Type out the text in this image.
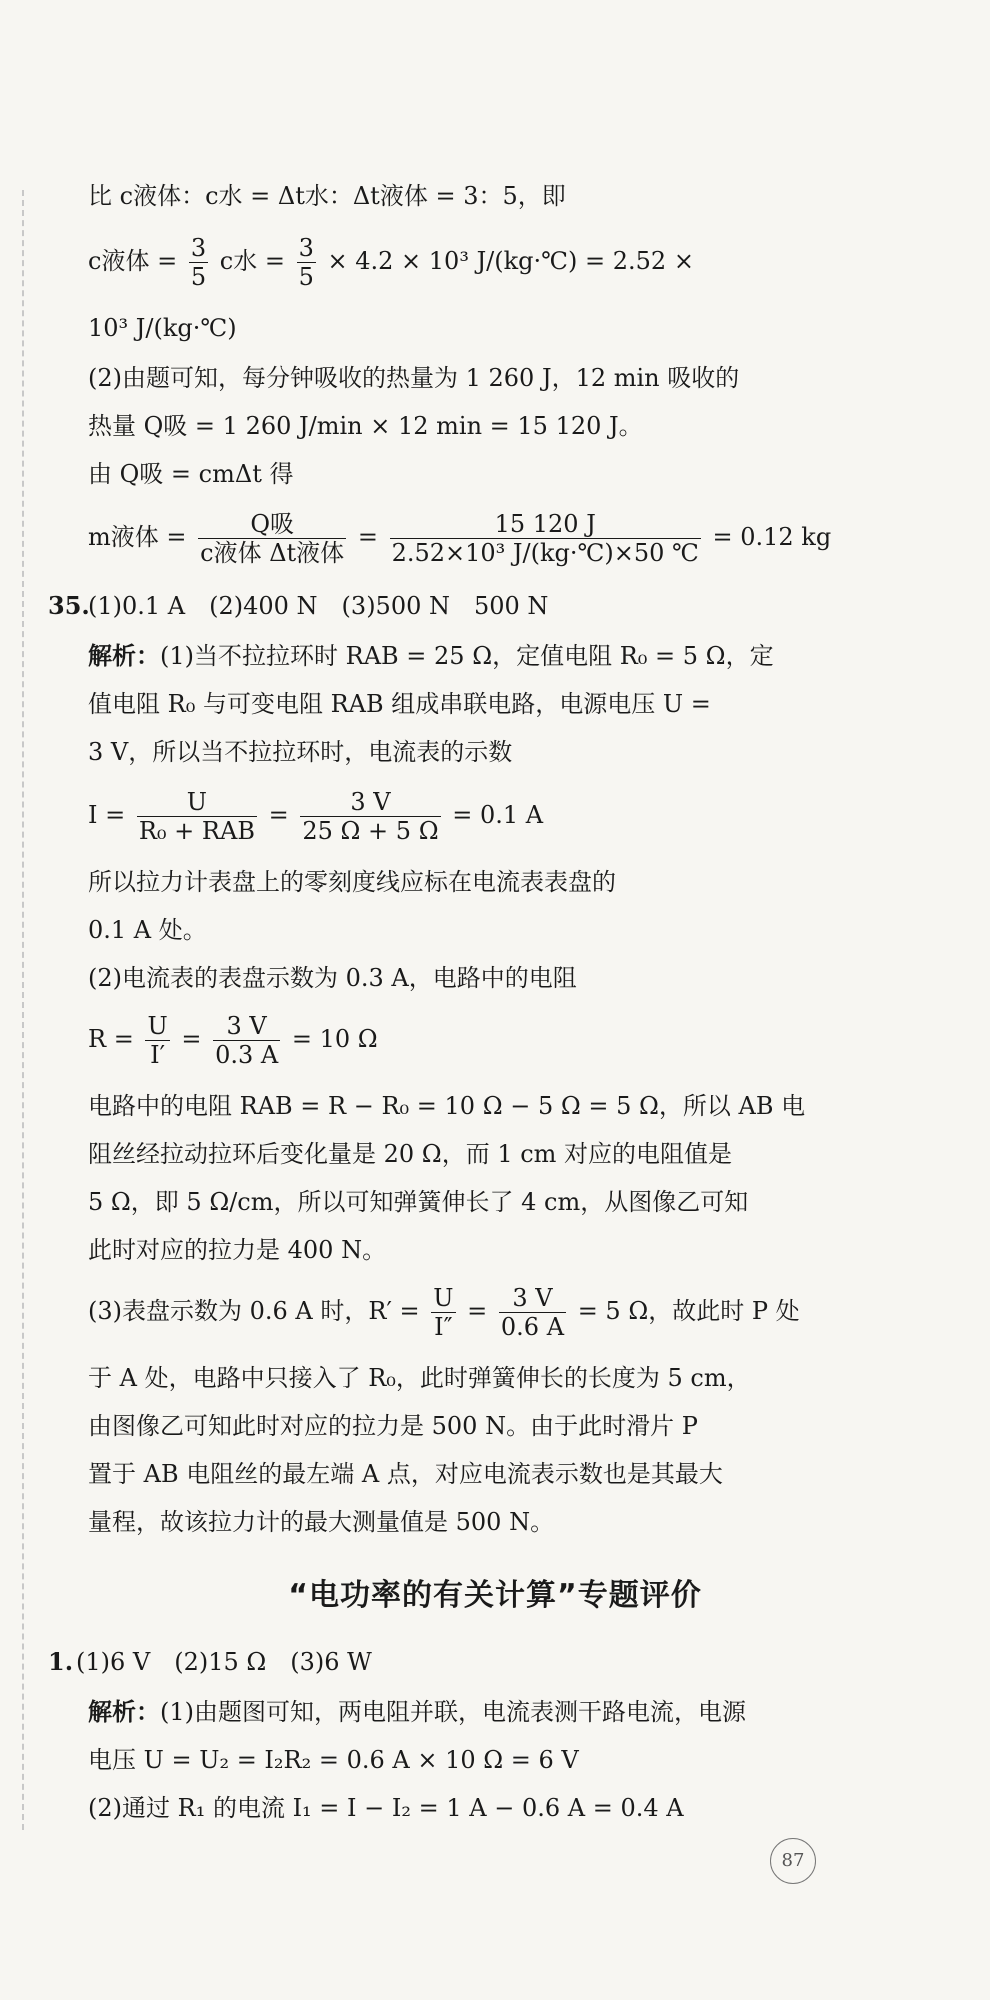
比 c液体：c水 = Δt水：Δt液体 = 3：5，即
c液体 = $\frac{3}{5}$ c水 = $\frac{3}{5} \times 4.2 \times 10^3$ J/(kg·℃) = 2.52 ×
10³ J/(kg·℃)
(2)由题可知，每分钟吸收的热量为 1 260 J，12 min 吸收的
热量 Q吸 = 1 260 J/min × 12 min = 15 120 J。
由 Q吸 = cmΔt 得
m液体 = $\frac{\text{Q吸}}{\text{c液体 Δt液体}} = \frac{15 120 J}{\text{2.52×10³ J/(kg·℃)×50 ℃}} = 0.12$ kg
35.
(1)0.1 A　(2)400 N　(3)500 N　500 N
解析：(1)当不拉拉环时 RAB = 25 Ω，定值电阻 R₀ = 5 Ω，定
值电阻 R₀ 与可变电阻 RAB 组成串联电路，电源电压 U =
3 V，所以当不拉拉环时，电流表的示数
$I = \frac{U}{\text{R₀ + RAB}} = \frac{3 V}{25 \Omega + 5 \Omega} = 0.1$ A
所以拉力计表盘上的零刻度线应标在电流表表盘的
0.1 A 处。
(2)电流表的表盘示数为 0.3 A，电路中的电阻
$R = \frac{U}{I'} = \frac{3 V}{0.3 A} = 10$ Ω
电路中的电阻 RAB = R − R₀ = 10 Ω − 5 Ω = 5 Ω，所以 AB 电
阻丝经拉动拉环后变化量是 20 Ω，而 1 cm 对应的电阻值是
5 Ω，即 5 Ω/cm，所以可知弹簧伸长了 4 cm，从图像乙可知
此时对应的拉力是 400 N。
(3)表盘示数为 0.6 A 时，$R' = \frac{U}{I''} = \frac{3 V}{0.6 A} = 5$ Ω，故此时 P 处
于 A 处，电路中只接入了 R₀，此时弹簧伸长的长度为 5 cm，
由图像乙可知此时对应的拉力是 500 N。由于此时滑片 P
置于 AB 电阻丝的最左端 A 点，对应电流表示数也是其最大
量程，故该拉力计的最大测量值是 500 N。
“电功率的有关计算”专题评价
1. (1)6 V　(2)15 Ω　(3)6 W
解析：(1)由题图可知，两电阻并联，电流表测干路电流，电源
电压 U = U₂ = I₂R₂ = 0.6 A × 10 Ω = 6 V
(2)通过 R₁ 的电流 I₁ = I − I₂ = 1 A − 0.6 A = 0.4 A
87
